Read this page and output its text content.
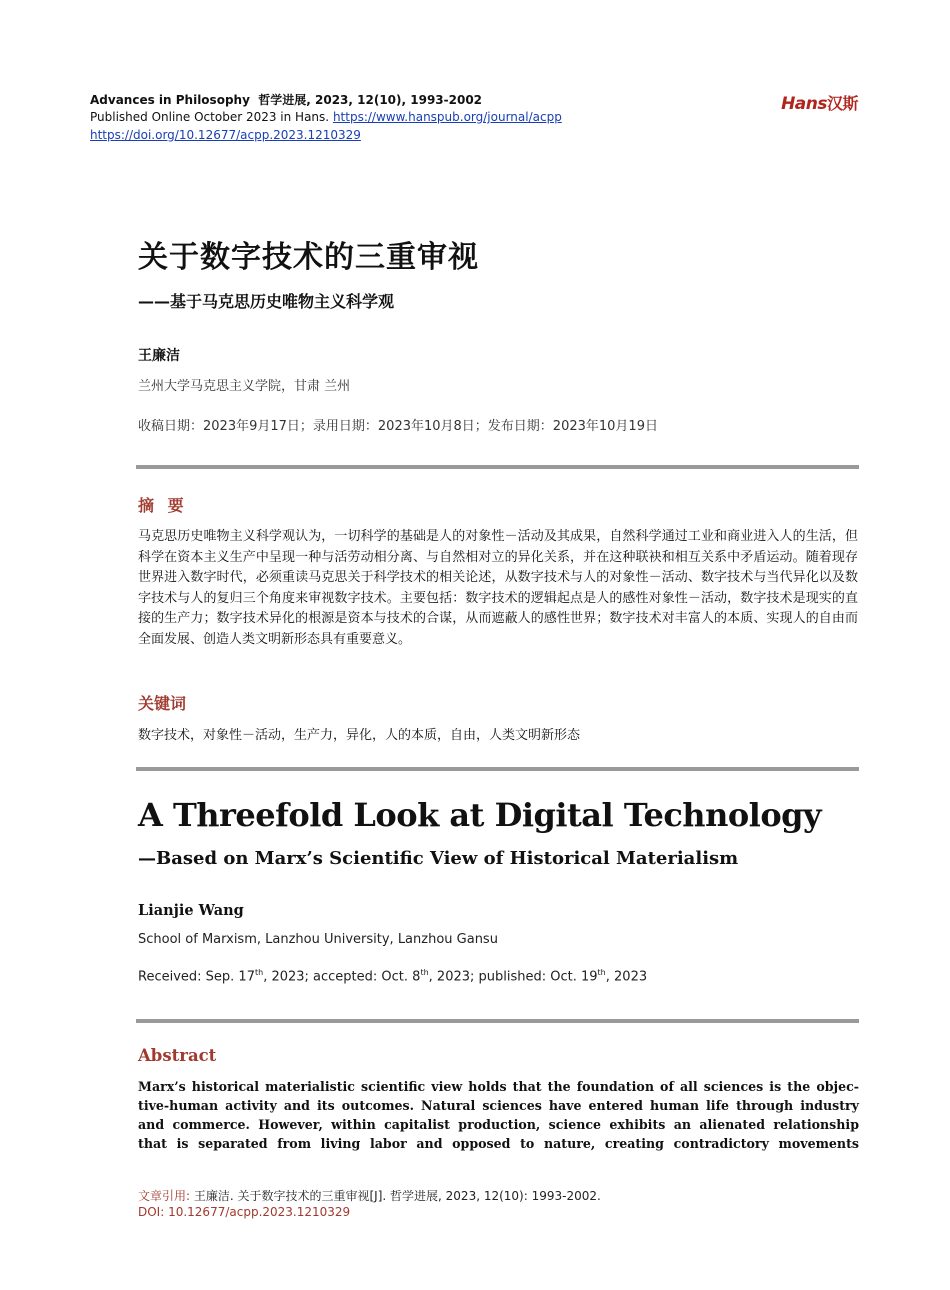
Advances in Philosophy 哲学进展, 2023, 12(10), 1993-2002
Published Online October 2023 in Hans. https://www.hanspub.org/journal/acpp
https://doi.org/10.12677/acpp.2023.1210329
Hans汉斯
关于数字技术的三重审视
——基于马克思历史唯物主义科学观
王廉洁
兰州大学马克思主义学院，甘肃 兰州
收稿日期：2023年9月17日；录用日期：2023年10月8日；发布日期：2023年10月19日
摘 要
马克思历史唯物主义科学观认为，一切科学的基础是人的对象性－活动及其成果，自然科学通过工业和商业进入人的生活，但科学在资本主义生产中呈现一种与活劳动相分离、与自然相对立的异化关系，并在这种联袂和相互关系中矛盾运动。随着现存世界进入数字时代，必须重读马克思关于科学技术的相关论述，从数字技术与人的对象性－活动、数字技术与当代异化以及数字技术与人的复归三个角度来审视数字技术。主要包括：数字技术的逻辑起点是人的感性对象性－活动，数字技术是现实的直接的生产力；数字技术异化的根源是资本与技术的合谋，从而遮蔽人的感性世界；数字技术对丰富人的本质、实现人的自由而全面发展、创造人类文明新形态具有重要意义。
关键词
数字技术，对象性－活动，生产力，异化，人的本质，自由，人类文明新形态
A Threefold Look at Digital Technology
—Based on Marx’s Scientific View of Historical Materialism
Lianjie Wang
School of Marxism, Lanzhou University, Lanzhou Gansu
Received: Sep. 17th, 2023; accepted: Oct. 8th, 2023; published: Oct. 19th, 2023
Abstract
Marx’s historical materialistic scientific view holds that the foundation of all sciences is the objec-
tive-human activity and its outcomes. Natural sciences have entered human life through industry
and commerce. However, within capitalist production, science exhibits an alienated relationship
that is separated from living labor and opposed to nature, creating contradictory movements
文章引用: 王廉洁. 关于数字技术的三重审视[J]. 哲学进展, 2023, 12(10): 1993-2002.
DOI: 10.12677/acpp.2023.1210329
